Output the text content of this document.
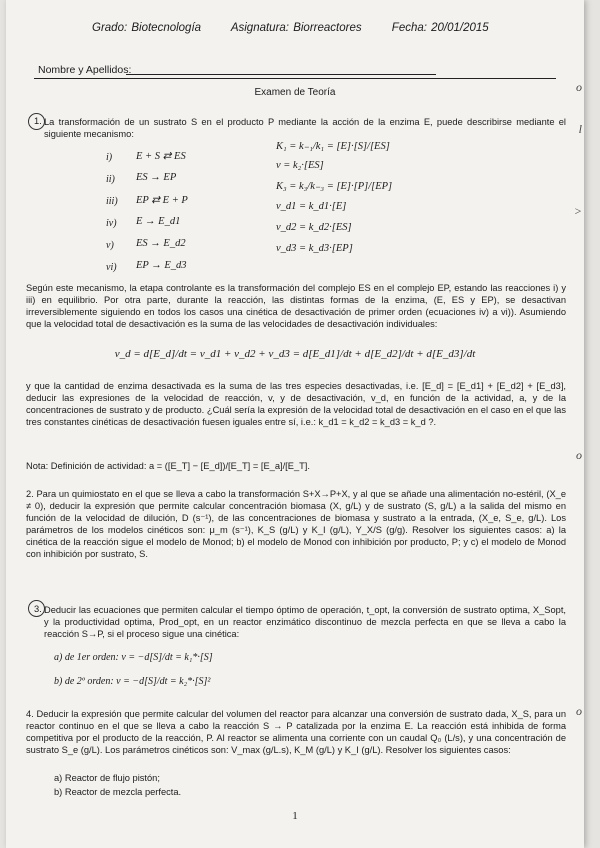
Grado: Biotecnología	Asignatura: Biorreactores	Fecha: 20/01/2015
Nombre y Apellidos:
Examen de Teoría
1. La transformación de un sustrato S en el producto P mediante la acción de la enzima E, puede describirse mediante el siguiente mecanismo:
i)
ii)
iii)
iv)
v)
vi)
E + S ⇄ ES
ES → EP
EP ⇄ E + P
E → E_d1
ES → E_d2
EP → E_d3
K₁ = k₋₁/k₁ = [E]·[S]/[ES]
v = k₂·[ES]
K₃ = k₃/k₋₃ = [E]·[P]/[EP]
v_d1 = k_d1·[E]
v_d2 = k_d2·[ES]
v_d3 = k_d3·[EP]
Según este mecanismo, la etapa controlante es la transformación del complejo ES en el complejo EP, estando las reacciones i) y iii) en equilibrio. Por otra parte, durante la reacción, las distintas formas de la enzima, (E, ES y EP), se desactivan irreversiblemente siguiendo en todos los casos una cinética de desactivación de primer orden (ecuaciones iv) a vi)). Asumiendo que la velocidad total de desactivación es la suma de las velocidades de desactivación individuales:
v_d = d[E_d]/dt = v_d1 + v_d2 + v_d3 = d[E_d1]/dt + d[E_d2]/dt + d[E_d3]/dt
y que la cantidad de enzima desactivada es la suma de las tres especies desactivadas, i.e. [E_d] = [E_d1] + [E_d2] + [E_d3], deducir las expresiones de la velocidad de reacción, v, y de desactivación, v_d, en función de la actividad, a, y de la concentraciones de sustrato y de producto. ¿Cuál sería la expresión de la velocidad total de desactivación en el caso en el que las tres constantes cinéticas de desactivación fuesen iguales entre sí, i.e.: k_d1 = k_d2 = k_d3 = k_d ?.
Nota: Definición de actividad: a = ([E_T] − [E_d])/[E_T] = [E_a]/[E_T].
2. Para un quimiostato en el que se lleva a cabo la transformación S+X→P+X, y al que se añade una alimentación no-estéril, (X_e ≠ 0), deducir la expresión que permite calcular concentración biomasa (X, g/L) y de sustrato (S, g/L) a la salida del mismo en función de la velocidad de dilución, D (s⁻¹), de las concentraciones de biomasa y sustrato a la entrada, (X_e, S_e, g/L). Los parámetros de los modelos cinéticos son: μ_m (s⁻¹), K_S (g/L) y K_I (g/L), Y_X/S (g/g). Resolver los siguientes casos: a) la cinética de la reacción sigue el modelo de Monod; b) el modelo de Monod con inhibición por producto, P; y c) el modelo de Monod con inhibición por sustrato, S.
3. Deducir las ecuaciones que permiten calcular el tiempo óptimo de operación, t_opt, la conversión de sustrato optima, X_Sopt, y la productividad optima, Prod_opt, en un reactor enzimático discontinuo de mezcla perfecta en que se lleva a cabo la reacción S→P, si el proceso sigue una cinética:
a) de 1er orden: v = −d[S]/dt = k₁*·[S]
b) de 2º orden: v = −d[S]/dt = k₂*·[S]²
4. Deducir la expresión que permite calcular del volumen del reactor para alcanzar una conversión de sustrato dada, X_S, para un reactor continuo en el que se lleva a cabo la reacción S → P catalizada por la enzima E. La reacción está inhibida de forma competitiva por el producto de la reacción, P. Al reactor se alimenta una corriente con un caudal Q₀ (L/s), y una concentración de sustrato S_e (g/L). Los parámetros cinéticos son: V_max (g/L.s), K_M (g/L) y K_I (g/L). Resolver los siguientes casos:
a) Reactor de flujo pistón;
b) Reactor de mezcla perfecta.
1
o
l
>
o
o
